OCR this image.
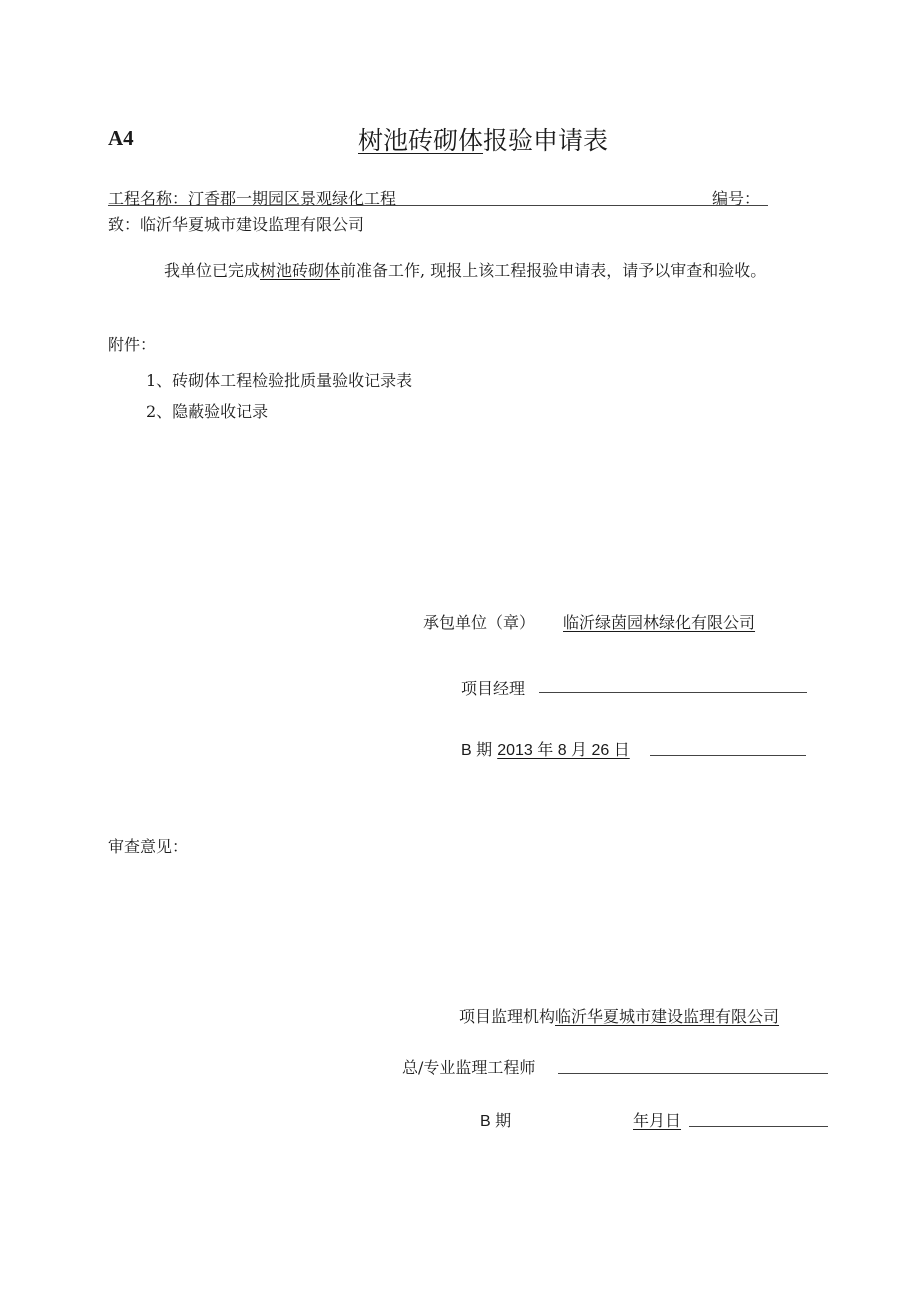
A4	树池砖砌体报验申请表
工程名称：汀香郡一期园区景观绿化工程	编号：
致：临沂华夏城市建设监理有限公司
我单位已完成树池砖砌体前准备工作, 现报上该工程报验申请表，请予以审查和验收。
附件：
1、砖砌体工程检验批质量验收记录表
2、隐蔽验收记录
承包单位（章） 临沂绿茵园林绿化有限公司
项目经理
B 期 2013 年 8 月 26 日
审查意见：
项目监理机构临沂华夏城市建设监理有限公司
总/专业监理工程师
B 期	年月日
